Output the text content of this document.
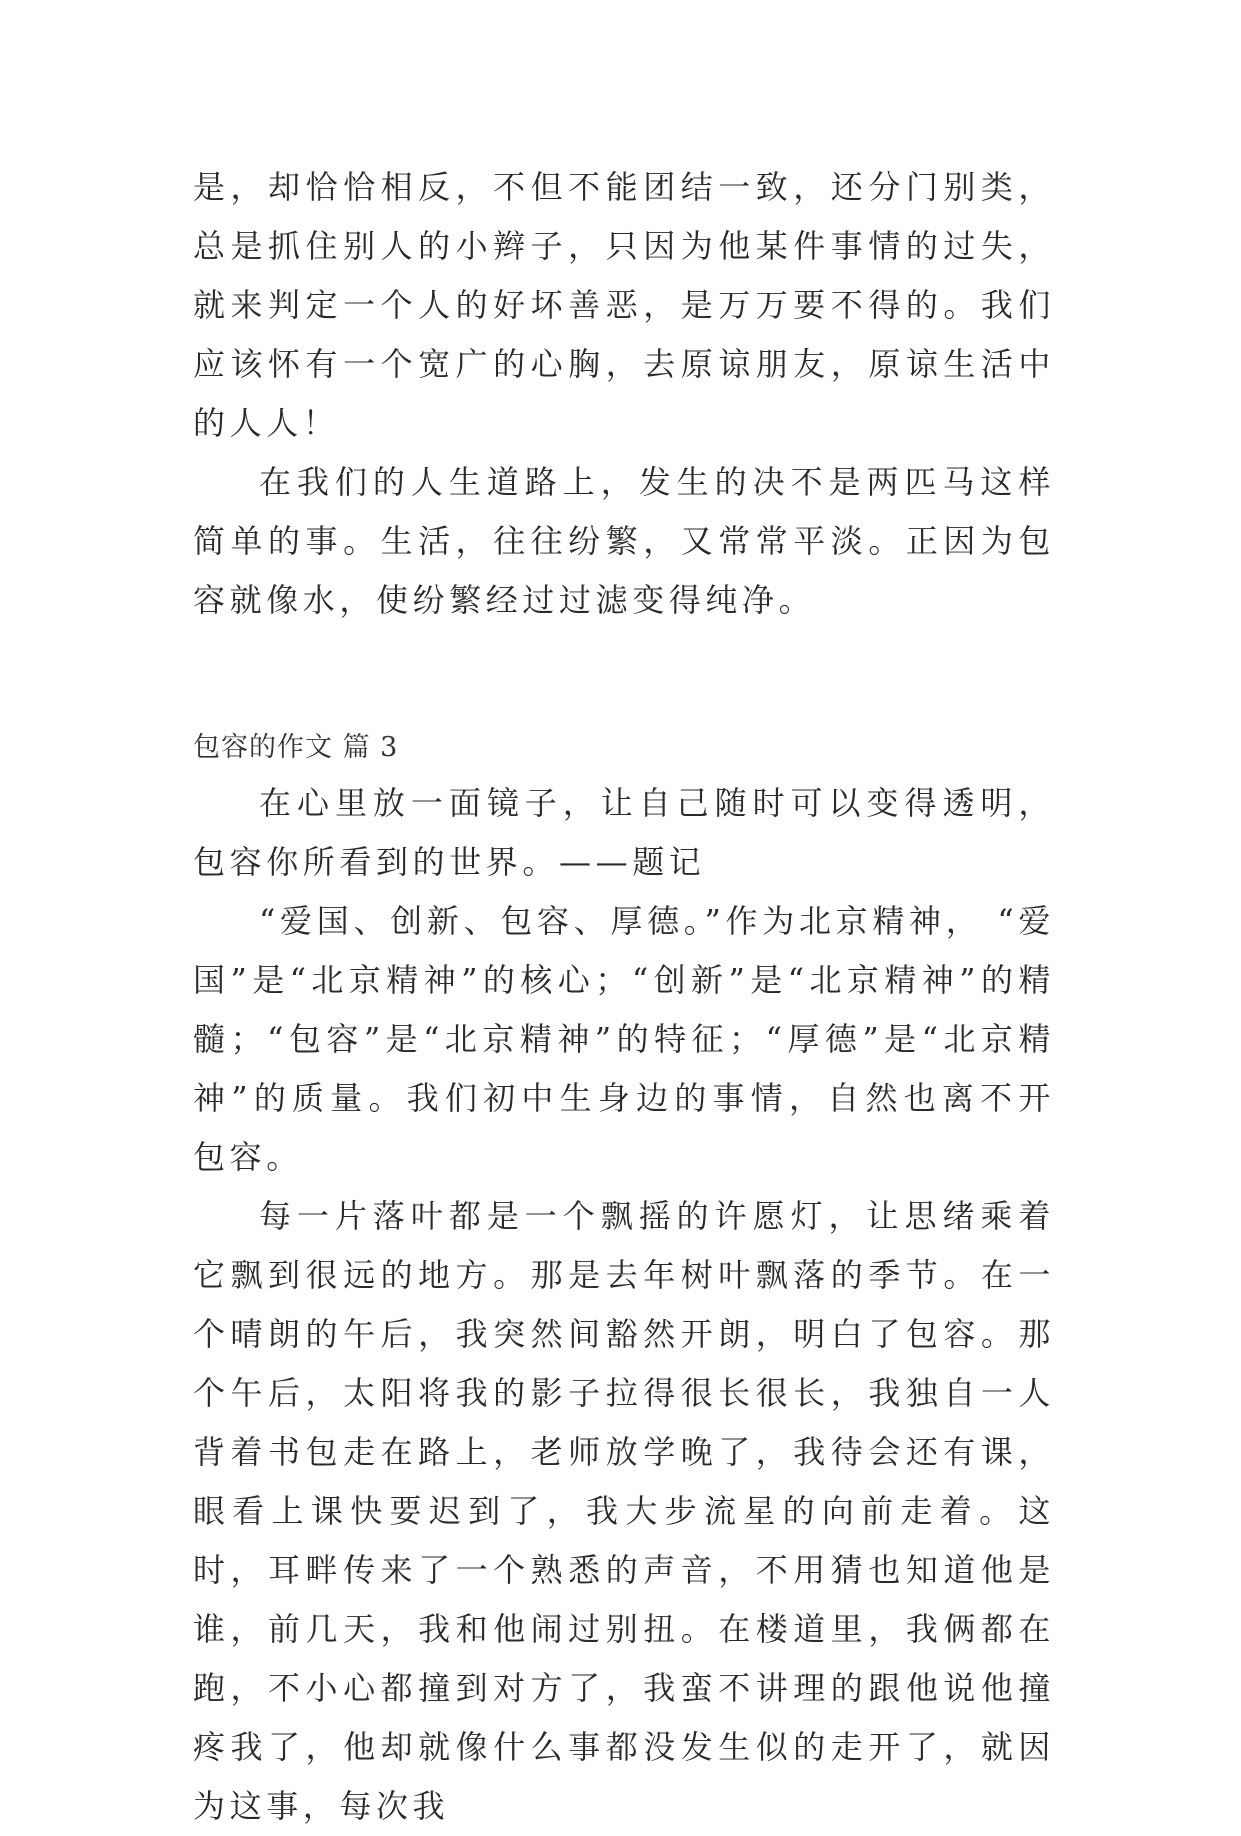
是，却恰恰相反，不但不能团结一致，还分门别类，总是抓住别人的小辫子，只因为他某件事情的过失，就来判定一个人的好坏善恶，是万万要不得的。我们应该怀有一个宽广的心胸，去原谅朋友，原谅生活中的人人！

在我们的人生道路上，发生的决不是两匹马这样简单的事。生活，往往纷繁，又常常平淡。正因为包容就像水，使纷繁经过过滤变得纯净。

包容的作文 篇 3

在心里放一面镜子，让自己随时可以变得透明，包容你所看到的世界。——题记

“爱国、创新、包容、厚德。”作为北京精神， “爱国”是“北京精神”的核心；“创新”是“北京精神”的精髓；“包容”是“北京精神”的特征；“厚德”是“北京精神”的质量。我们初中生身边的事情，自然也离不开包容。

每一片落叶都是一个飘摇的许愿灯，让思绪乘着它飘到很远的地方。那是去年树叶飘落的季节。在一个晴朗的午后，我突然间豁然开朗，明白了包容。那个午后，太阳将我的影子拉得很长很长，我独自一人背着书包走在路上，老师放学晚了，我待会还有课，眼看上课快要迟到了，我大步流星的向前走着。这时，耳畔传来了一个熟悉的声音，不用猜也知道他是谁，前几天，我和他闹过别扭。在楼道里，我俩都在跑，不小心都撞到对方了，我蛮不讲理的跟他说他撞疼我了，他却就像什么事都没发生似的走开了，就因为这事，每次我
